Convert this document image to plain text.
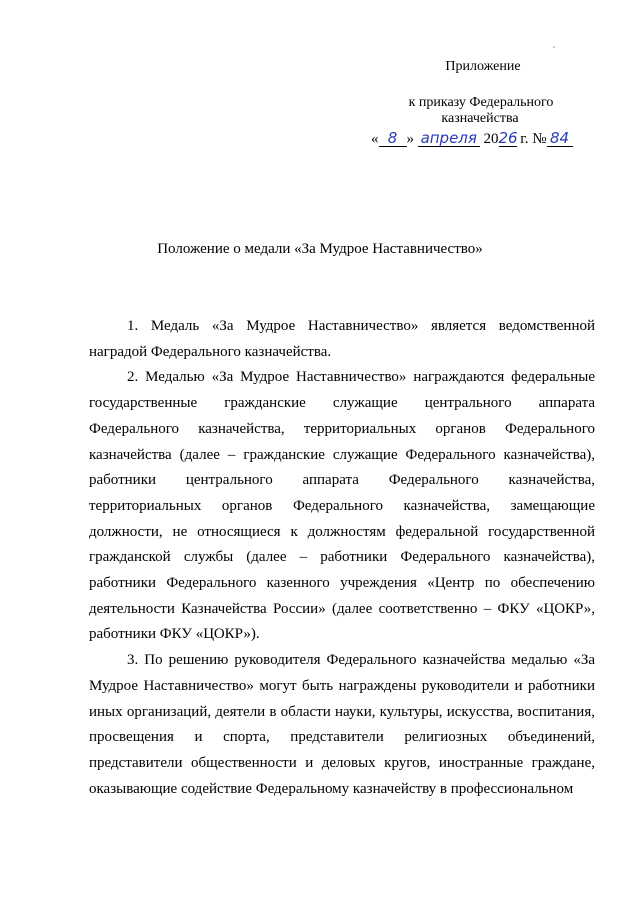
Приложение
к приказу Федерального
казначейства
« 8 » апреля 2026 г. № 84
Положение о медали «За Мудрое Наставничество»

1. Медаль «За Мудрое Наставничество» является ведомственной наградой Федерального казначейства.

2. Медалью «За Мудрое Наставничество» награждаются федеральные государственные гражданские служащие центрального аппарата Федерального казначейства, территориальных органов Федерального казначейства (далее – гражданские служащие Федерального казначейства), работники центрального аппарата Федерального казначейства, территориальных органов Федерального казначейства, замещающие должности, не относящиеся к должностям федеральной государственной гражданской службы (далее – работники Федерального казначейства), работники Федерального казенного учреждения «Центр по обеспечению деятельности Казначейства России» (далее соответственно – ФКУ «ЦОКР», работники ФКУ «ЦОКР»).

3. По решению руководителя Федерального казначейства медалью «За Мудрое Наставничество» могут быть награждены руководители и работники иных организаций, деятели в области науки, культуры, искусства, воспитания, просвещения и спорта, представители религиозных объединений, представители общественности и деловых кругов, иностранные граждане, оказывающие содействие Федеральному казначейству в профессиональном
